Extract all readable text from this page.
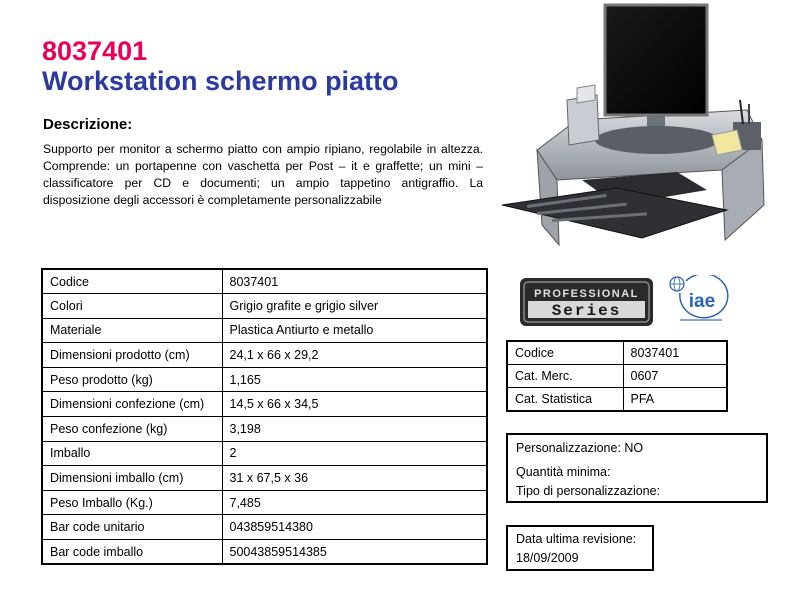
8037401
Workstation schermo piatto
Descrizione:
Supporto per monitor a schermo piatto con ampio ripiano, regolabile in altezza. Comprende: un portapenne con vaschetta per Post – it e graffette; un mini – classificatore per CD e documenti; un ampio tappetino antigraffio. La disposizione degli accessori è completamente personalizzabile
PROFESSIONAL
Series	iae
Codice	8037401
Colori	Grigio grafite e grigio silver
Materiale	Plastica Antiurto e metallo
Dimensioni prodotto (cm)	24,1 x 66 x 29,2
Peso prodotto (kg)	1,165
Dimensioni confezione (cm)	14,5 x 66 x 34,5
Peso confezione (kg)	3,198
Imballo	2
Dimensioni imballo (cm)	31 x 67,5 x 36
Peso Imballo (Kg.)	7,485
Bar code unitario	043859514380
Bar code imballo	50043859514385
Codice	8037401
Cat. Merc.	0607
Cat. Statistica	PFA
Personalizzazione: NO
Quantità minima:
Tipo di personalizzazione:
Data ultima revisione:
18/09/2009
